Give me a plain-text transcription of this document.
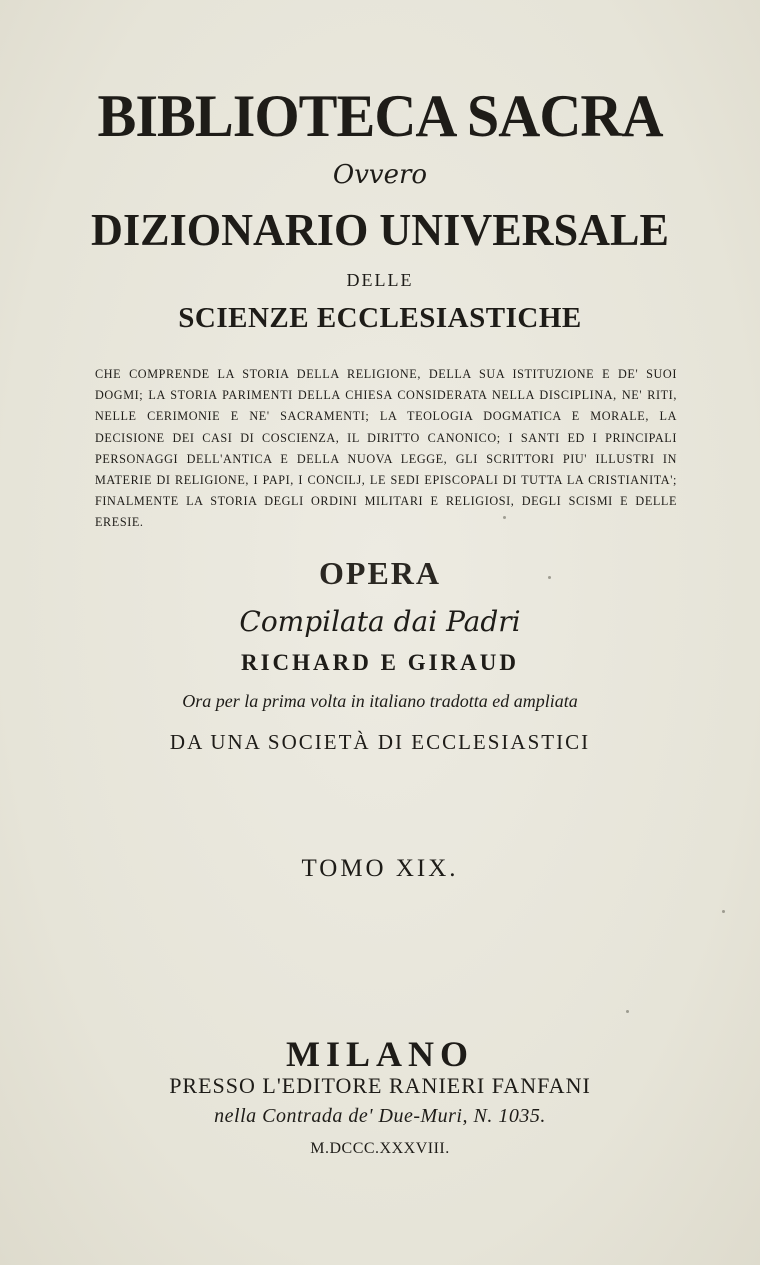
BIBLIOTECA SACRA
Ovvero
DIZIONARIO UNIVERSALE
DELLE
SCIENZE ECCLESIASTICHE
CHE COMPRENDE LA STORIA DELLA RELIGIONE, DELLA SUA ISTITUZIONE E DE' SUOI DOGMI; LA STORIA PARIMENTI DELLA CHIESA CONSIDERATA NELLA DISCIPLINA, NE' RITI, NELLE CERIMONIE E NE' SACRAMENTI; LA TEOLOGIA DOGMATICA E MORALE, LA DECISIONE DEI CASI DI COSCIENZA, IL DIRITTO CANONICO; I SANTI ED I PRINCIPALI PERSONAGGI DELL'ANTICA E DELLA NUOVA LEGGE, GLI SCRITTORI PIU' ILLUSTRI IN MATERIE DI RELIGIONE, I PAPI, I CONCILJ, LE SEDI EPISCOPALI DI TUTTA LA CRISTIANITA'; FINALMENTE LA STORIA DEGLI ORDINI MILITARI E RELIGIOSI, DEGLI SCISMI E DELLE ERESIE.
OPERA
Compilata dai Padri
RICHARD E GIRAUD
Ora per la prima volta in italiano tradotta ed ampliata
DA UNA SOCIETÀ DI ECCLESIASTICI
TOMO XIX.
MILANO
PRESSO L'EDITORE RANIERI FANFANI
nella Contrada de' Due-Muri, N. 1035.
M.DCCC.XXXVIII.
